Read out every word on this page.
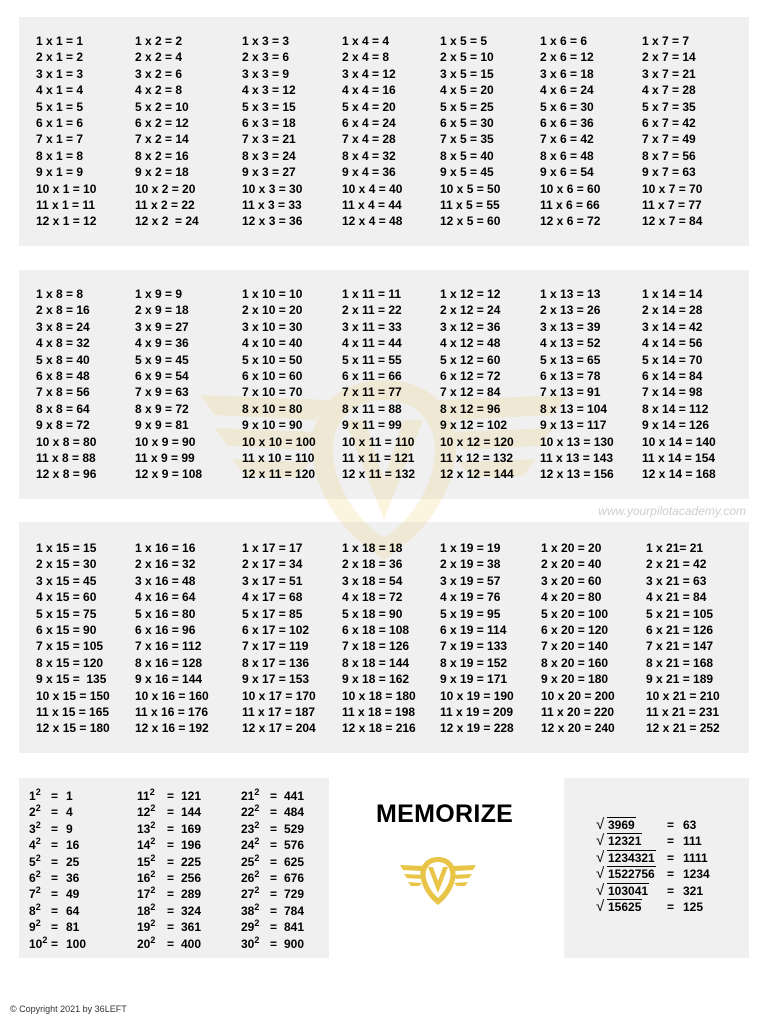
www.yourpilotacademy.com
1 x 1 = 1
2 x 1 = 2
3 x 1 = 3
4 x 1 = 4
5 x 1 = 5
6 x 1 = 6
7 x 1 = 7
8 x 1 = 8
9 x 1 = 9
10 x 1 = 10
11 x 1 = 11
12 x 1 = 12
1 x 2 = 2
2 x 2 = 4
3 x 2 = 6
4 x 2 = 8
5 x 2 = 10
6 x 2 = 12
7 x 2 = 14
8 x 2 = 16
9 x 2 = 18
10 x 2 = 20
11 x 2 = 22
12 x 2  = 24
1 x 3 = 3
2 x 3 = 6
3 x 3 = 9
4 x 3 = 12
5 x 3 = 15
6 x 3 = 18
7 x 3 = 21
8 x 3 = 24
9 x 3 = 27
10 x 3 = 30
11 x 3 = 33
12 x 3 = 36
1 x 4 = 4
2 x 4 = 8
3 x 4 = 12
4 x 4 = 16
5 x 4 = 20
6 x 4 = 24
7 x 4 = 28
8 x 4 = 32
9 x 4 = 36
10 x 4 = 40
11 x 4 = 44
12 x 4 = 48
1 x 5 = 5
2 x 5 = 10
3 x 5 = 15
4 x 5 = 20
5 x 5 = 25
6 x 5 = 30
7 x 5 = 35
8 x 5 = 40
9 x 5 = 45
10 x 5 = 50
11 x 5 = 55
12 x 5 = 60
1 x 6 = 6
2 x 6 = 12
3 x 6 = 18
4 x 6 = 24
5 x 6 = 30
6 x 6 = 36
7 x 6 = 42
8 x 6 = 48
9 x 6 = 54
10 x 6 = 60
11 x 6 = 66
12 x 6 = 72
1 x 7 = 7
2 x 7 = 14
3 x 7 = 21
4 x 7 = 28
5 x 7 = 35
6 x 7 = 42
7 x 7 = 49
8 x 7 = 56
9 x 7 = 63
10 x 7 = 70
11 x 7 = 77
12 x 7 = 84
1 x 8 = 8
2 x 8 = 16
3 x 8 = 24
4 x 8 = 32
5 x 8 = 40
6 x 8 = 48
7 x 8 = 56
8 x 8 = 64
9 x 8 = 72
10 x 8 = 80
11 x 8 = 88
12 x 8 = 96
1 x 9 = 9
2 x 9 = 18
3 x 9 = 27
4 x 9 = 36
5 x 9 = 45
6 x 9 = 54
7 x 9 = 63
8 x 9 = 72
9 x 9 = 81
10 x 9 = 90
11 x 9 = 99
12 x 9 = 108
1 x 10 = 10
2 x 10 = 20
3 x 10 = 30
4 x 10 = 40
5 x 10 = 50
6 x 10 = 60
7 x 10 = 70
8 x 10 = 80
9 x 10 = 90
10 x 10 = 100
11 x 10 = 110
12 x 11 = 120
1 x 11 = 11
2 x 11 = 22
3 x 11 = 33
4 x 11 = 44
5 x 11 = 55
6 x 11 = 66
7 x 11 = 77
8 x 11 = 88
9 x 11 = 99
10 x 11 = 110
11 x 11 = 121
12 x 11 = 132
1 x 12 = 12
2 x 12 = 24
3 x 12 = 36
4 x 12 = 48
5 x 12 = 60
6 x 12 = 72
7 x 12 = 84
8 x 12 = 96
9 x 12 = 102
10 x 12 = 120
11 x 12 = 132
12 x 12 = 144
1 x 13 = 13
2 x 13 = 26
3 x 13 = 39
4 x 13 = 52
5 x 13 = 65
6 x 13 = 78
7 x 13 = 91
8 x 13 = 104
9 x 13 = 117
10 x 13 = 130
11 x 13 = 143
12 x 13 = 156
1 x 14 = 14
2 x 14 = 28
3 x 14 = 42
4 x 14 = 56
5 x 14 = 70
6 x 14 = 84
7 x 14 = 98
8 x 14 = 112
9 x 14 = 126
10 x 14 = 140
11 x 14 = 154
12 x 14 = 168
1 x 15 = 15
2 x 15 = 30
3 x 15 = 45
4 x 15 = 60
5 x 15 = 75
6 x 15 = 90
7 x 15 = 105
8 x 15 = 120
9 x 15 =  135
10 x 15 = 150
11 x 15 = 165
12 x 15 = 180
1 x 16 = 16
2 x 16 = 32
3 x 16 = 48
4 x 16 = 64
5 x 16 = 80
6 x 16 = 96
7 x 16 = 112
8 x 16 = 128
9 x 16 = 144
10 x 16 = 160
11 x 16 = 176
12 x 16 = 192
1 x 17 = 17
2 x 17 = 34
3 x 17 = 51
4 x 17 = 68
5 x 17 = 85
6 x 17 = 102
7 x 17 = 119
8 x 17 = 136
9 x 17 = 153
10 x 17 = 170
11 x 17 = 187
12 x 17 = 204
1 x 18 = 18
2 x 18 = 36
3 x 18 = 54
4 x 18 = 72
5 x 18 = 90
6 x 18 = 108
7 x 18 = 126
8 x 18 = 144
9 x 18 = 162
10 x 18 = 180
11 x 18 = 198
12 x 18 = 216
1 x 19 = 19
2 x 19 = 38
3 x 19 = 57
4 x 19 = 76
5 x 19 = 95
6 x 19 = 114
7 x 19 = 133
8 x 19 = 152
9 x 19 = 171
10 x 19 = 190
11 x 19 = 209
12 x 19 = 228
1 x 20 = 20
2 x 20 = 40
3 x 20 = 60
4 x 20 = 80
5 x 20 = 100
6 x 20 = 120
7 x 20 = 140
8 x 20 = 160
9 x 20 = 180
10 x 20 = 200
11 x 20 = 220
12 x 20 = 240
1 x 21= 21
2 x 21 = 42
3 x 21 = 63
4 x 21 = 84
5 x 21 = 105
6 x 21 = 126
7 x 21 = 147
8 x 21 = 168
9 x 21 = 189
10 x 21 = 210
11 x 21 = 231
12 x 21 = 252
$1^2 = 1$
$2^2 = 4$
$3^2 = 9$
$4^2 = 16$
$5^2 = 25$
$6^2 = 36$
$7^2 = 49$
$8^2 = 64$
$9^2 = 81$
$10^2 = 100$
$11^2 = 121$
$12^2 = 144$
$13^2 = 169$
$14^2 = 196$
$15^2 = 225$
$16^2 = 256$
$17^2 = 289$
$18^2 = 324$
$19^2 = 361$
$20^2 = 400$
$21^2 = 441$
$22^2 = 484$
$23^2 = 529$
$24^2 = 576$
$25^2 = 625$
$26^2 = 676$
$27^2 = 729$
$38^2 = 784$
$29^2 = 841$
$30^2 = 900$
MEMORIZE	√ 3969	= 63
√ 12321 = 111
√ 1234321 = 1111
√ 1522756 = 1234
√ 103041 = 321
√ 15625 = 125
© Copyright 2021 by 36LEFT
